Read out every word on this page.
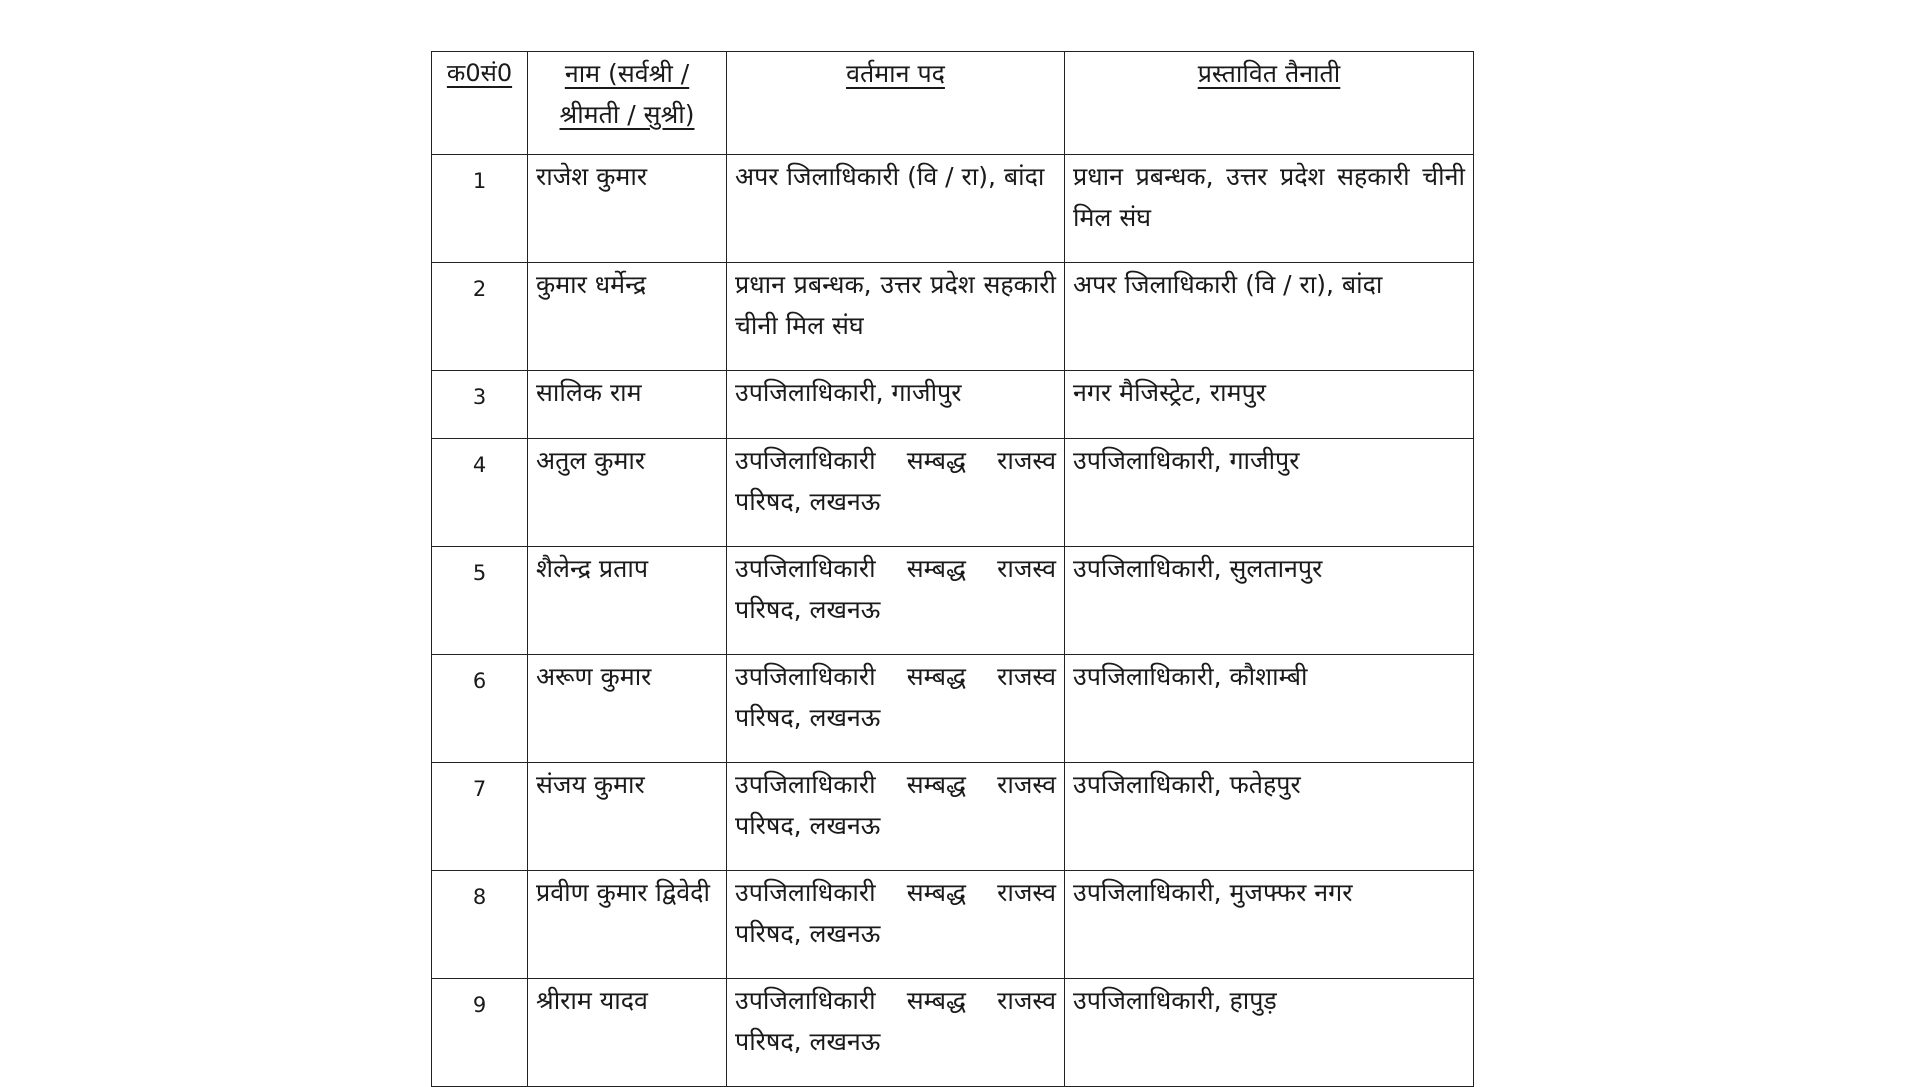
क0सं0	नाम (सर्वश्री / श्रीमती / सुश्री)	वर्तमान पद	प्रस्तावित तैनाती
1	राजेश कुमार	अपर जिलाधिकारी (वि / रा), बांदा	प्रधान प्रबन्धक, उत्तर प्रदेश सहकारी चीनी मिल संघ
2	कुमार धर्मेन्द्र	प्रधान प्रबन्धक, उत्तर प्रदेश सहकारी चीनी मिल संघ	अपर जिलाधिकारी (वि / रा), बांदा
3	सालिक राम	उपजिलाधिकारी, गाजीपुर	नगर मैजिस्ट्रेट, रामपुर
4	अतुल कुमार	उपजिलाधिकारी सम्बद्ध राजस्व परिषद, लखनऊ	उपजिलाधिकारी, गाजीपुर
5	शैलेन्द्र प्रताप	उपजिलाधिकारी सम्बद्ध राजस्व परिषद, लखनऊ	उपजिलाधिकारी, सुलतानपुर
6	अरूण कुमार	उपजिलाधिकारी सम्बद्ध राजस्व परिषद, लखनऊ	उपजिलाधिकारी, कौशाम्बी
7	संजय कुमार	उपजिलाधिकारी सम्बद्ध राजस्व परिषद, लखनऊ	उपजिलाधिकारी, फतेहपुर
8	प्रवीण कुमार द्विवेदी	उपजिलाधिकारी सम्बद्ध राजस्व परिषद, लखनऊ	उपजिलाधिकारी, मुजफ्फर नगर
9	श्रीराम यादव	उपजिलाधिकारी सम्बद्ध राजस्व परिषद, लखनऊ	उपजिलाधिकारी, हापुड़
